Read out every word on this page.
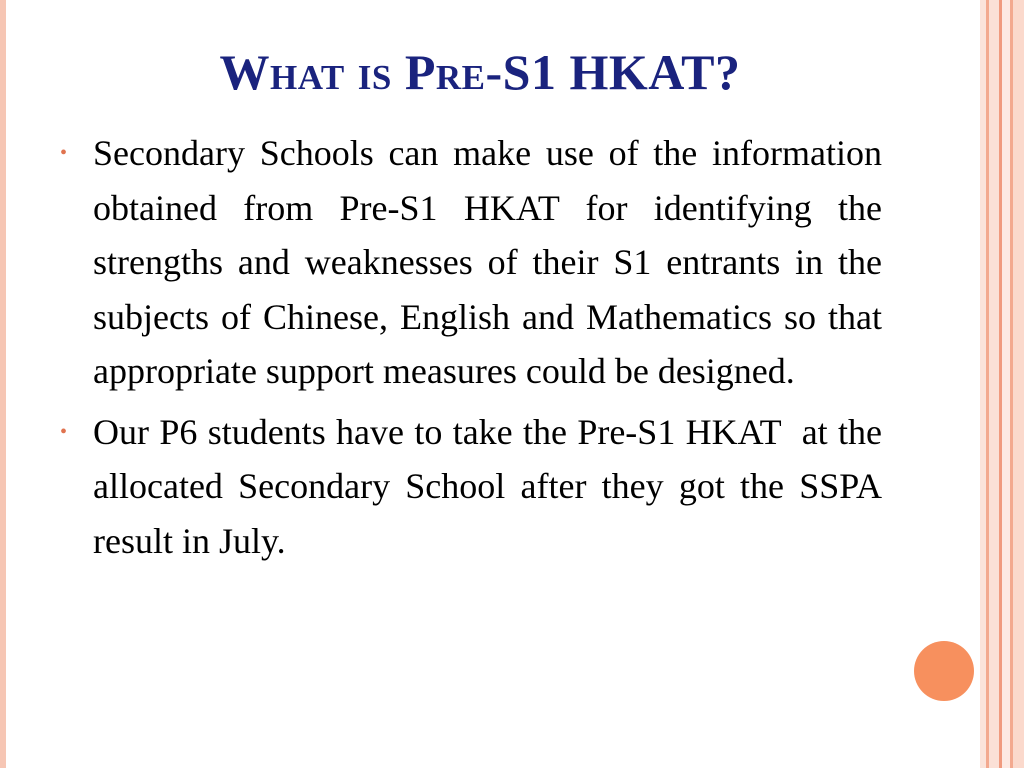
What is Pre-S1 HKAT?
• Secondary Schools can make use of the information obtained from Pre-S1 HKAT for identifying the strengths and weaknesses of their S1 entrants in the subjects of Chinese, English and Mathematics so that appropriate support measures could be designed.
• Our P6 students have to take the Pre-S1 HKAT  at the allocated Secondary School after they got the SSPA result in July.
